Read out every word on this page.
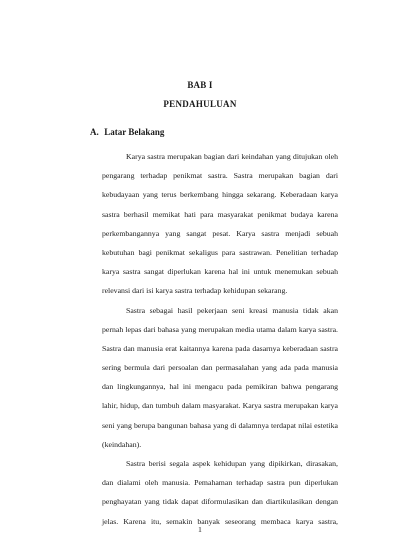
BAB I
PENDAHULUAN
A. Latar Belakang
Karya sastra merupakan bagian dari keindahan yang ditujukan oleh
pengarang terhadap penikmat sastra. Sastra merupakan bagian dari
kebudayaan yang terus berkembang hingga sekarang. Keberadaan karya
sastra berhasil memikat hati para masyarakat penikmat budaya karena
perkembangannya yang sangat pesat. Karya sastra menjadi sebuah
kebutuhan bagi penikmat sekaligus para sastrawan. Penelitian terhadap
karya sastra sangat diperlukan karena hal ini untuk menemukan sebuah
relevansi dari isi karya sastra terhadap kehidupan sekarang.
Sastra sebagai hasil pekerjaan seni kreasi manusia tidak akan
pernah lepas dari bahasa yang merupakan media utama dalam karya sastra.
Sastra dan manusia erat kaitannya karena pada dasarnya keberadaan sastra
sering bermula dari persoalan dan permasalahan yang ada pada manusia
dan lingkungannya, hal ini mengacu pada pemikiran bahwa pengarang
lahir, hidup, dan tumbuh dalam masyarakat. Karya sastra merupakan karya
seni yang berupa bangunan bahasa yang di dalamnya terdapat nilai estetika
(keindahan).
Sastra berisi segala aspek kehidupan yang dipikirkan, dirasakan,
dan dialami oleh manusia. Pemahaman terhadap sastra pun diperlukan
penghayatan yang tidak dapat diformulasikan dan diartikulasikan dengan
jelas. Karena itu, semakin banyak seseorang membaca karya sastra,
1
